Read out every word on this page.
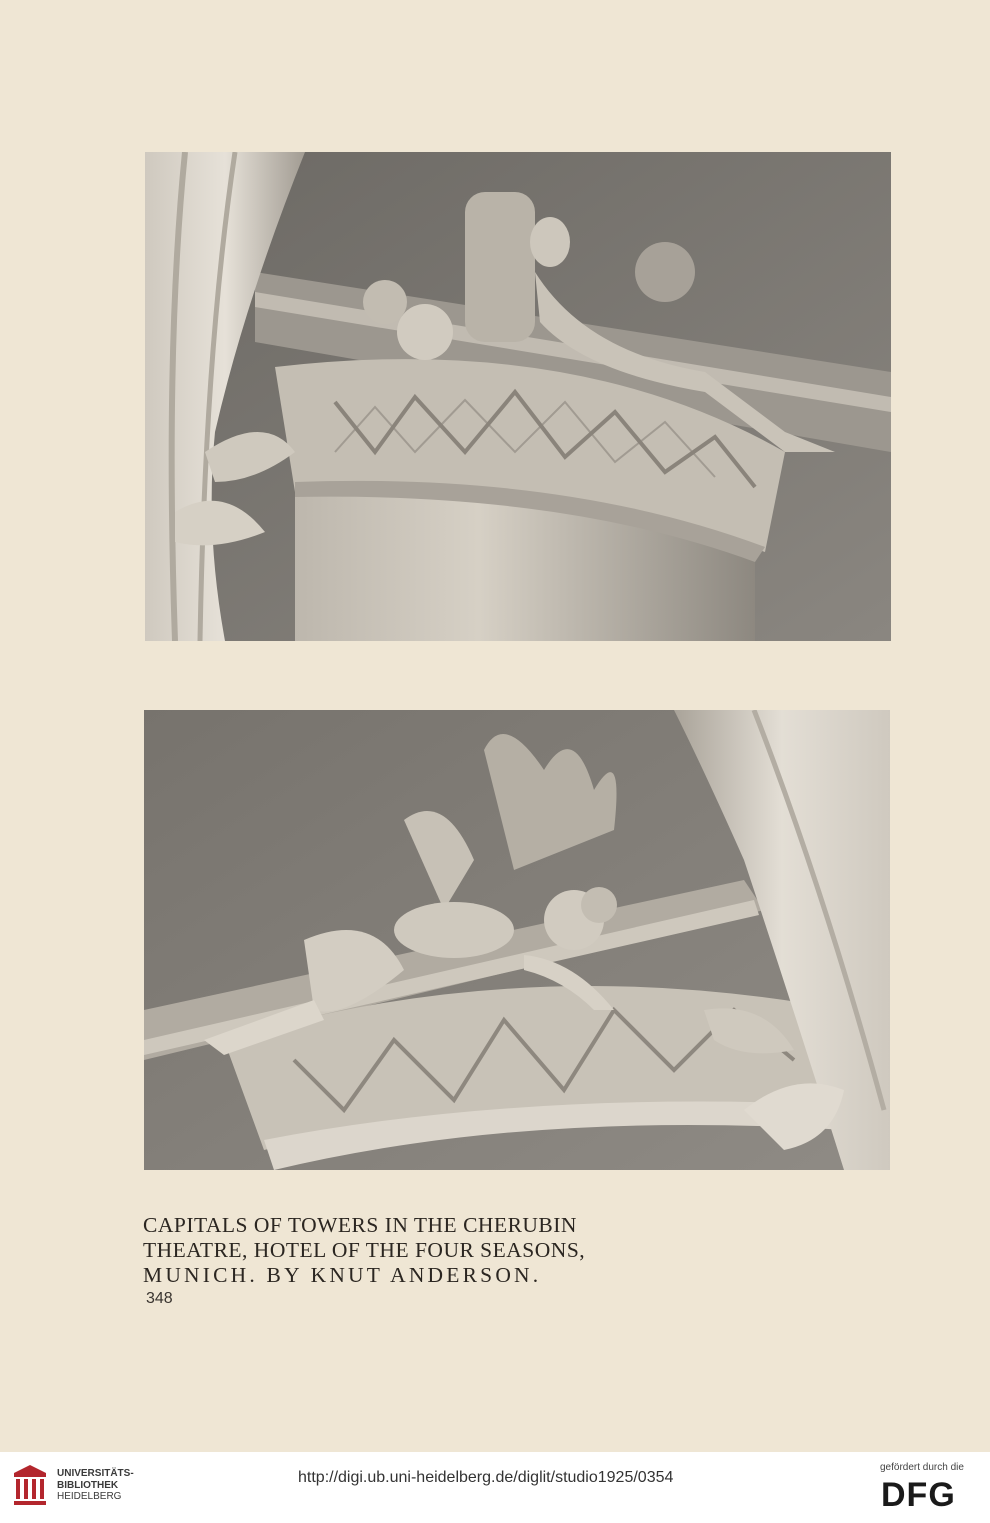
CAPITALS OF TOWERS IN THE CHERUBIN
THEATRE, HOTEL OF THE FOUR SEASONS,
MUNICH. BY KNUT ANDERSON.
348
UNIVERSITÄTS-
BIBLIOTHEK
HEIDELBERG
http://digi.ub.uni-heidelberg.de/diglit/studio1925/0354
gefördert durch die
DFG
